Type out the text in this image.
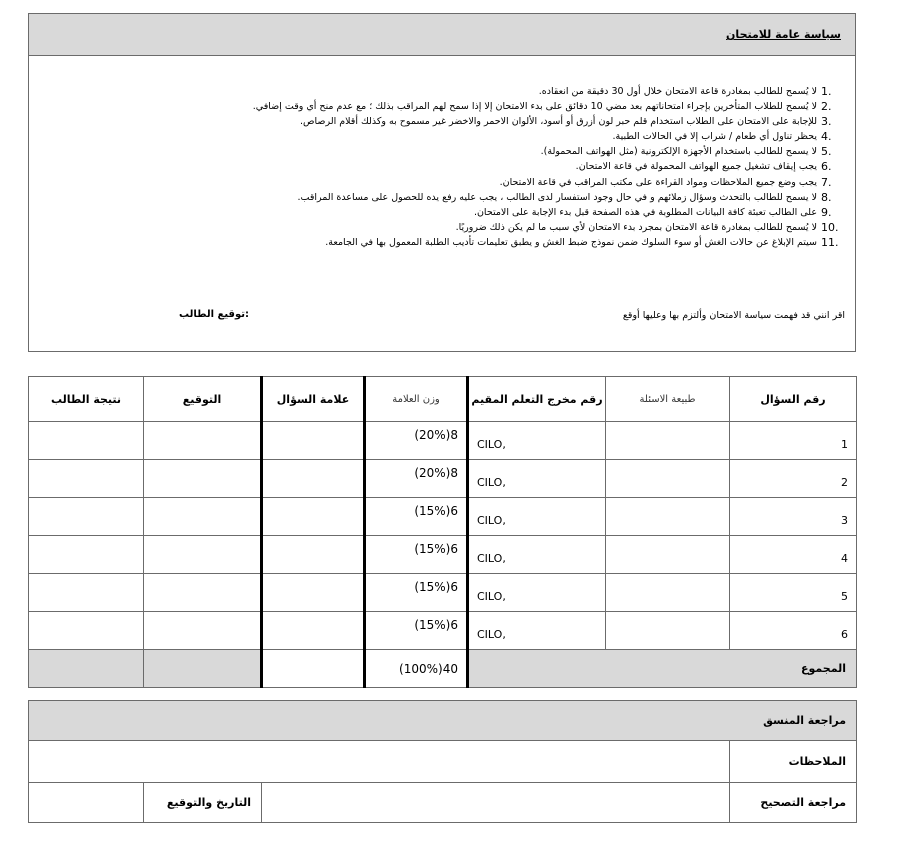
سياسة عامة للامتحان
1 .
لا يُسمح للطالب بمغادرة قاعة الامتحان خلال أول 30 دقيقة من انعقاده.
2 .
لا يُسمح للطلاب المتأخرين بإجراء امتحاناتهم بعد مضي 10 دقائق على بدء الامتحان إلا إذا سمح لهم المراقب بذلك ؛ مع عدم منح أي وقت إضافي.
3 .
للإجابة على الامتحان على الطلاب استخدام قلم حبر لون أزرق أو أسود، الألوان الاحمر والاخضر غير مسموح به وكذلك أقلام الرصاص.
4 .
يحظر تناول أي طعام / شراب إلا في الحالات الطبية.
5 .
لا يسمح للطالب باستخدام الأجهزة الإلكترونية (مثل الهواتف المحمولة).
6 .
يجب إيقاف تشغيل جميع الهواتف المحمولة في قاعة الامتحان.
7 .
يجب وضع جميع الملاحظات ومواد القراءة على مكتب المراقب في قاعة الامتحان.
8 .
لا يسمح للطالب بالتحدث وسؤال زملائهم و في حال وجود استفسار لدى الطالب ، يجب عليه رفع يده للحصول على مساعدة المراقب.
9 .
على الطالب تعبئة كافة البيانات المطلوبة في هذه الصفحة قبل بدء الإجابة على الامتحان.
10 .
لا يُسمح للطالب بمغادرة قاعة الامتحان بمجرد بدء الامتحان لأي سبب ما لم يكن ذلك ضروريًا.
11 .
سيتم الإبلاغ عن حالات الغش أو سوء السلوك ضمن نموذج ضبط الغش و يطبق تعليمات تأديب الطلبة المعمول بها في الجامعة.
اقر انني قد فهمت سياسة الامتحان وألتزم بها وعليها أوقع
:توقيع الطالب
نتيجة الطالب	التوقيع	علامة السؤال	وزن العلامة	رقم مخرج التعلم المقيم	طبيعة الاسئلة	رقم السؤال
			(20%)8	CILO,		1
			(20%)8	CILO,		2
			(15%)6	CILO,		3
			(15%)6	CILO,		4
			(15%)6	CILO,		5
			(15%)6	CILO,		6
			(100%)40	المجموع		
مراجعة المنسق			
			الملاحظات
	التاريخ والتوقيع		مراجعة التصحيح
